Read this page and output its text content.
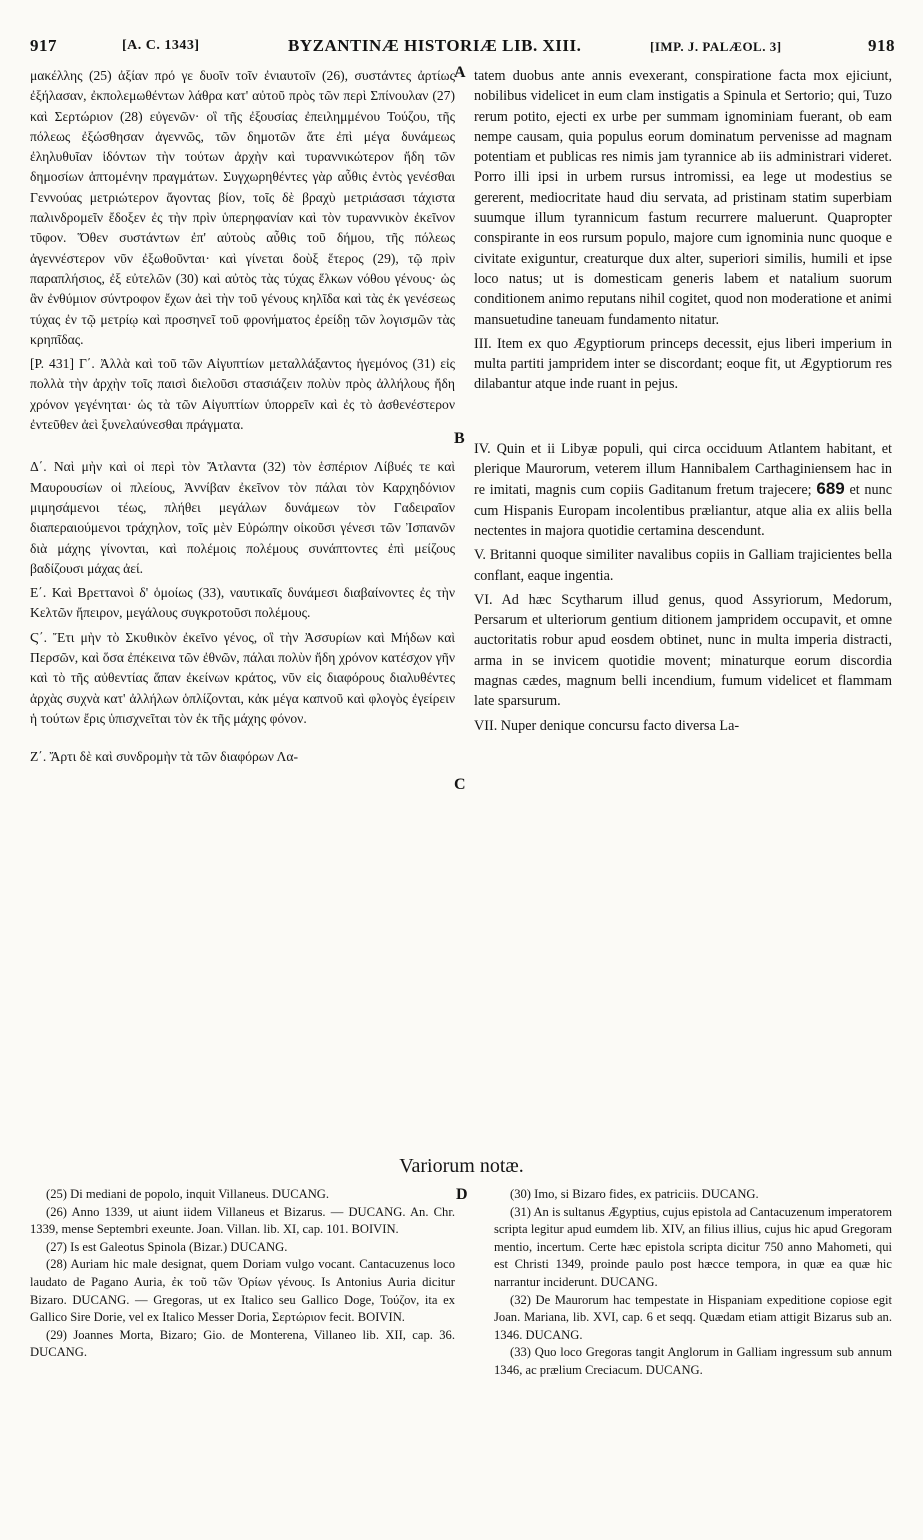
917	[A. C. 1343]	BYZANTINÆ HISTORIÆ LIB. XIII.	[IMP. J. PALÆOL. 3]	918
A
B
C
D

μακέλλης (25) ἀξίαν πρό γε δυοῖν τοῖν ἐνιαυτοῖν (26), συστάντες ἀρτίως ἐξήλασαν, ἐκπολεμωθέντων λάθρα κατ' αὐτοῦ πρὸς τῶν περὶ Σπίνουλαν (27) καὶ Σερτώριον (28) εὐγενῶν· οἳ τῆς ἐξουσίας ἐπειλημμένου Τούζου, τῆς πόλεως ἐξώσθησαν ἀγεννῶς, τῶν δημοτῶν ἅτε ἐπὶ μέγα δυνάμεως ἐληλυθυῖαν ἰδόντων τὴν τούτων ἀρχὴν καὶ τυραννικώτερον ἤδη τῶν δημοσίων ἁπτομένην πραγμάτων. Συγχωρηθέντες γὰρ αὖθις ἐντὸς γενέσθαι Γεννούας μετριώτερον ἄγοντας βίον, τοῖς δὲ βραχὺ μετριάσασι τάχιστα παλινδρομεῖν ἔδοξεν ἐς τὴν πρὶν ὑπερηφανίαν καὶ τὸν τυραννικὸν ἐκεῖνον τῦφον. Ὅθεν συστάντων ἐπ' αὐτοὺς αὖθις τοῦ δήμου, τῆς πόλεως ἀγεννέστερον νῦν ἐξωθοῦνται· καὶ γίνεται δοὺξ ἕτερος (29), τῷ πρὶν παραπλήσιος, ἐξ εὐτελῶν (30) καὶ αὐτὸς τὰς τύχας ἕλκων νόθου γένους· ὡς ἂν ἐνθύμιον σύντροφον ἔχων ἀεὶ τὴν τοῦ γένους κηλῖδα καὶ τὰς ἐκ γενέσεως τύχας ἐν τῷ μετρίῳ καὶ προσηνεῖ τοῦ φρονήματος ἐρείδῃ τῶν λογισμῶν τὰς κρηπῖδας.

[P. 431] Γ΄. Ἀλλὰ καὶ τοῦ τῶν Αἰγυπτίων μεταλλάξαντος ἡγεμόνος (31) εἰς πολλὰ τὴν ἀρχὴν τοῖς παισὶ διελοῦσι στασιάζειν πολὺν πρὸς ἀλλήλους ἤδη χρόνον γεγένηται· ὡς τὰ τῶν Αἰγυπτίων ὑπορρεῖν καὶ ἐς τὸ ἀσθενέστερον ἐντεῦθεν ἀεὶ ξυνελαύνεσθαι πράγματα.

Δ΄. Ναὶ μὴν καὶ οἱ περὶ τὸν Ἄτλαντα (32) τὸν ἑσπέριον Λίβυές τε καὶ Μαυρουσίων οἱ πλείους, Ἀννίβαν ἐκεῖνον τὸν πάλαι τὸν Καρχηδόνιον μιμησάμενοι τέως, πλήθει μεγάλων δυνάμεων τὸν Γαδειραῖον διαπεραιούμενοι τράχηλον, τοῖς μὲν Εὐρώπην οἰκοῦσι γένεσι τῶν Ἰσπανῶν διὰ μάχης γίνονται, καὶ πολέμοις πολέμους συνάπτοντες ἐπὶ μείζους βαδίζουσι μάχας ἀεί.

Ε΄. Καὶ Βρεττανοὶ δ' ὁμοίως (33), ναυτικαῖς δυνάμεσι διαβαίνοντες ἐς τὴν Κελτῶν ἤπειρον, μεγάλους συγκροτοῦσι πολέμους.

Ϛ΄. Ἔτι μὴν τὸ Σκυθικὸν ἐκεῖνο γένος, οἳ τὴν Ἀσσυρίων καὶ Μήδων καὶ Περσῶν, καὶ ὅσα ἐπέκεινα τῶν ἐθνῶν, πάλαι πολὺν ἤδη χρόνον κατέσχον γῆν καὶ τὸ τῆς αὐθεντίας ἅπαν ἐκείνων κράτος, νῦν εἰς διαφόρους διαλυθέντες ἀρχὰς συχνὰ κατ' ἀλλήλων ὁπλίζονται, κἀκ μέγα καπνοῦ καὶ φλογὸς ἐγείρειν ἡ τούτων ἔρις ὑπισχνεῖται τὸν ἐκ τῆς μάχης φόνον.

Ζ΄. Ἄρτι δὲ καὶ συνδρομὴν τὰ τῶν διαφόρων Λα-

tatem duobus ante annis evexerant, conspiratione facta mox ejiciunt, nobilibus videlicet in eum clam instigatis a Spinula et Sertorio; qui, Tuzo rerum potito, ejecti ex urbe per summam ignominiam fuerant, ob eam nempe causam, quia populus eorum dominatum pervenisse ad magnam potentiam et publicas res nimis jam tyrannice ab iis administrari videret. Porro illi ipsi in urbem rursus intromissi, ea lege ut modestius se gererent, mediocritate haud diu servata, ad pristinam statim superbiam suumque illum tyrannicum fastum recurrere maluerunt. Quapropter conspirante in eos rursum populo, majore cum ignominia nunc quoque e civitate exiguntur, creaturque dux alter, superiori similis, humili et ipse loco natus; ut is domesticam generis labem et natalium suorum conditionem animo reputans nihil cogitet, quod non moderatione et animi mansuetudine taneuam fundamento nitatur.

III. Item ex quo Ægyptiorum princeps decessit, ejus liberi imperium in multa partiti jampridem inter se discordant; eoque fit, ut Ægyptiorum res dilabantur atque inde ruant in pejus.

IV. Quin et ii Libyæ populi, qui circa occiduum Atlantem habitant, et plerique Maurorum, veterem illum Hannibalem Carthaginiensem hac in re imitati, magnis cum copiis Gaditanum fretum trajecere; 689 et nunc cum Hispanis Europam incolentibus præliantur, atque alia ex aliis bella nectentes in majora quotidie certamina descendunt.

V. Britanni quoque similiter navalibus copiis in Galliam trajicientes bella conflant, eaque ingentia.

VI. Ad hæc Scytharum illud genus, quod Assyriorum, Medorum, Persarum et ulteriorum gentium ditionem jampridem occupavit, et omne auctoritatis robur apud eosdem obtinet, nunc in multa imperia distracti, arma in se invicem quotidie movent; minaturque eorum discordia magnas cædes, magnum belli incendium, fumum videlicet et flammam late sparsurum.

VII. Nuper denique concursu facto diversa La-

Variorum notæ.

(25) Di mediani de popolo, inquit Villaneus. DUCANG.

(26) Anno 1339, ut aiunt iidem Villaneus et Bizarus. — DUCANG. An. Chr. 1339, mense Septembri exeunte. Joan. Villan. lib. XI, cap. 101. BOIVIN.

(27) Is est Galeotus Spinola (Bizar.) DUCANG.

(28) Auriam hic male designat, quem Doriam vulgo vocant. Cantacuzenus loco laudato de Pagano Auria, ἐκ τοῦ τῶν Ὀρίων γένους. Is Antonius Auria dicitur Bizaro. DUCANG. — Gregoras, ut ex Italico seu Gallico Doge, Τούζον, ita ex Gallico Sire Dorie, vel ex Italico Messer Doria, Σερτώριον fecit. BOIVIN.

(29) Joannes Morta, Bizaro; Gio. de Monterena, Villaneo lib. XII, cap. 36. DUCANG.

(30) Imo, si Bizaro fides, ex patriciis. DUCANG.

(31) An is sultanus Ægyptius, cujus epistola ad Cantacuzenum imperatorem scripta legitur apud eumdem lib. XIV, an filius illius, cujus hic apud Gregoram mentio, incertum. Certe hæc epistola scripta dicitur 750 anno Mahometi, qui est Christi 1349, proinde paulo post hæcce tempora, in quæ ea quæ hic narrantur inciderunt. DUCANG.

(32) De Maurorum hac tempestate in Hispaniam expeditione copiose egit Joan. Mariana, lib. XVI, cap. 6 et seqq. Quædam etiam attigit Bizarus sub an. 1346. DUCANG.

(33) Quo loco Gregoras tangit Anglorum in Galliam ingressum sub annum 1346, ac prælium Creciacum. DUCANG.
